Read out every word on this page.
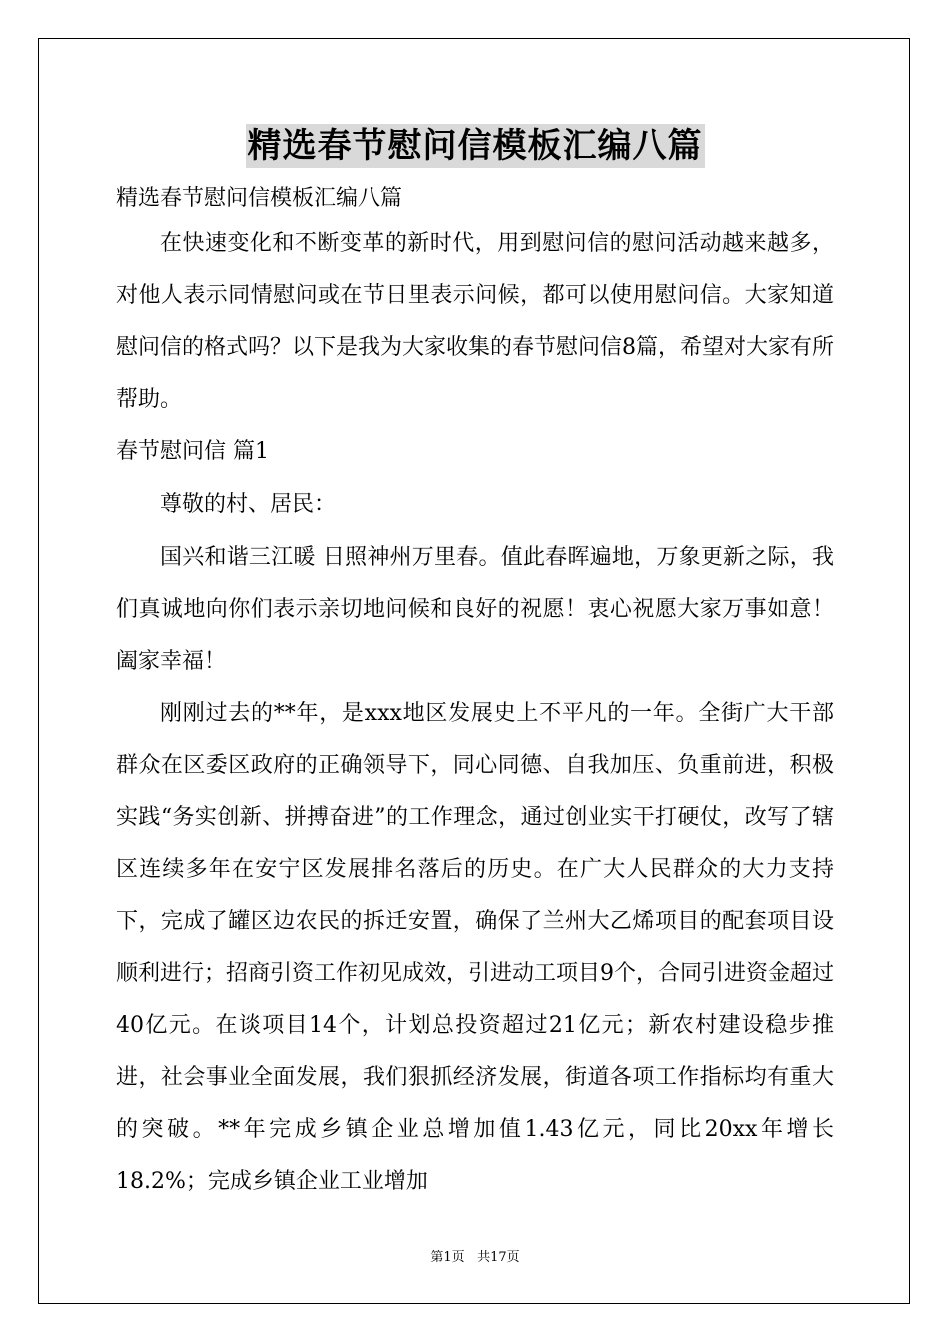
精选春节慰问信模板汇编八篇
精选春节慰问信模板汇编八篇

在快速变化和不断变革的新时代，用到慰问信的慰问活动越来越多，对他人表示同情慰问或在节日里表示问候，都可以使用慰问信。大家知道慰问信的格式吗？以下是我为大家收集的春节慰问信8篇，希望对大家有所帮助。

春节慰问信 篇1
尊敬的村、居民：

国兴和谐三江暖 日照神州万里春。值此春晖遍地，万象更新之际，我们真诚地向你们表示亲切地问候和良好的祝愿！衷心祝愿大家万事如意！阖家幸福！

刚刚过去的**年，是xxx地区发展史上不平凡的一年。全街广大干部群众在区委区政府的正确领导下，同心同德、自我加压、负重前进，积极实践“务实创新、拼搏奋进”的工作理念，通过创业实干打硬仗，改写了辖区连续多年在安宁区发展排名落后的历史。在广大人民群众的大力支持下，完成了罐区边农民的拆迁安置，确保了兰州大乙烯项目的配套项目设顺利进行；招商引资工作初见成效，引进动工项目9个，合同引进资金超过40亿元。在谈项目14个，计划总投资超过21亿元；新农村建设稳步推进，社会事业全面发展，我们狠抓经济发展，街道各项工作指标均有重大的突破。**年完成乡镇企业总增加值1.43亿元，同比20xx年增长18.2%；完成乡镇企业工业增加

第1页 共17页
